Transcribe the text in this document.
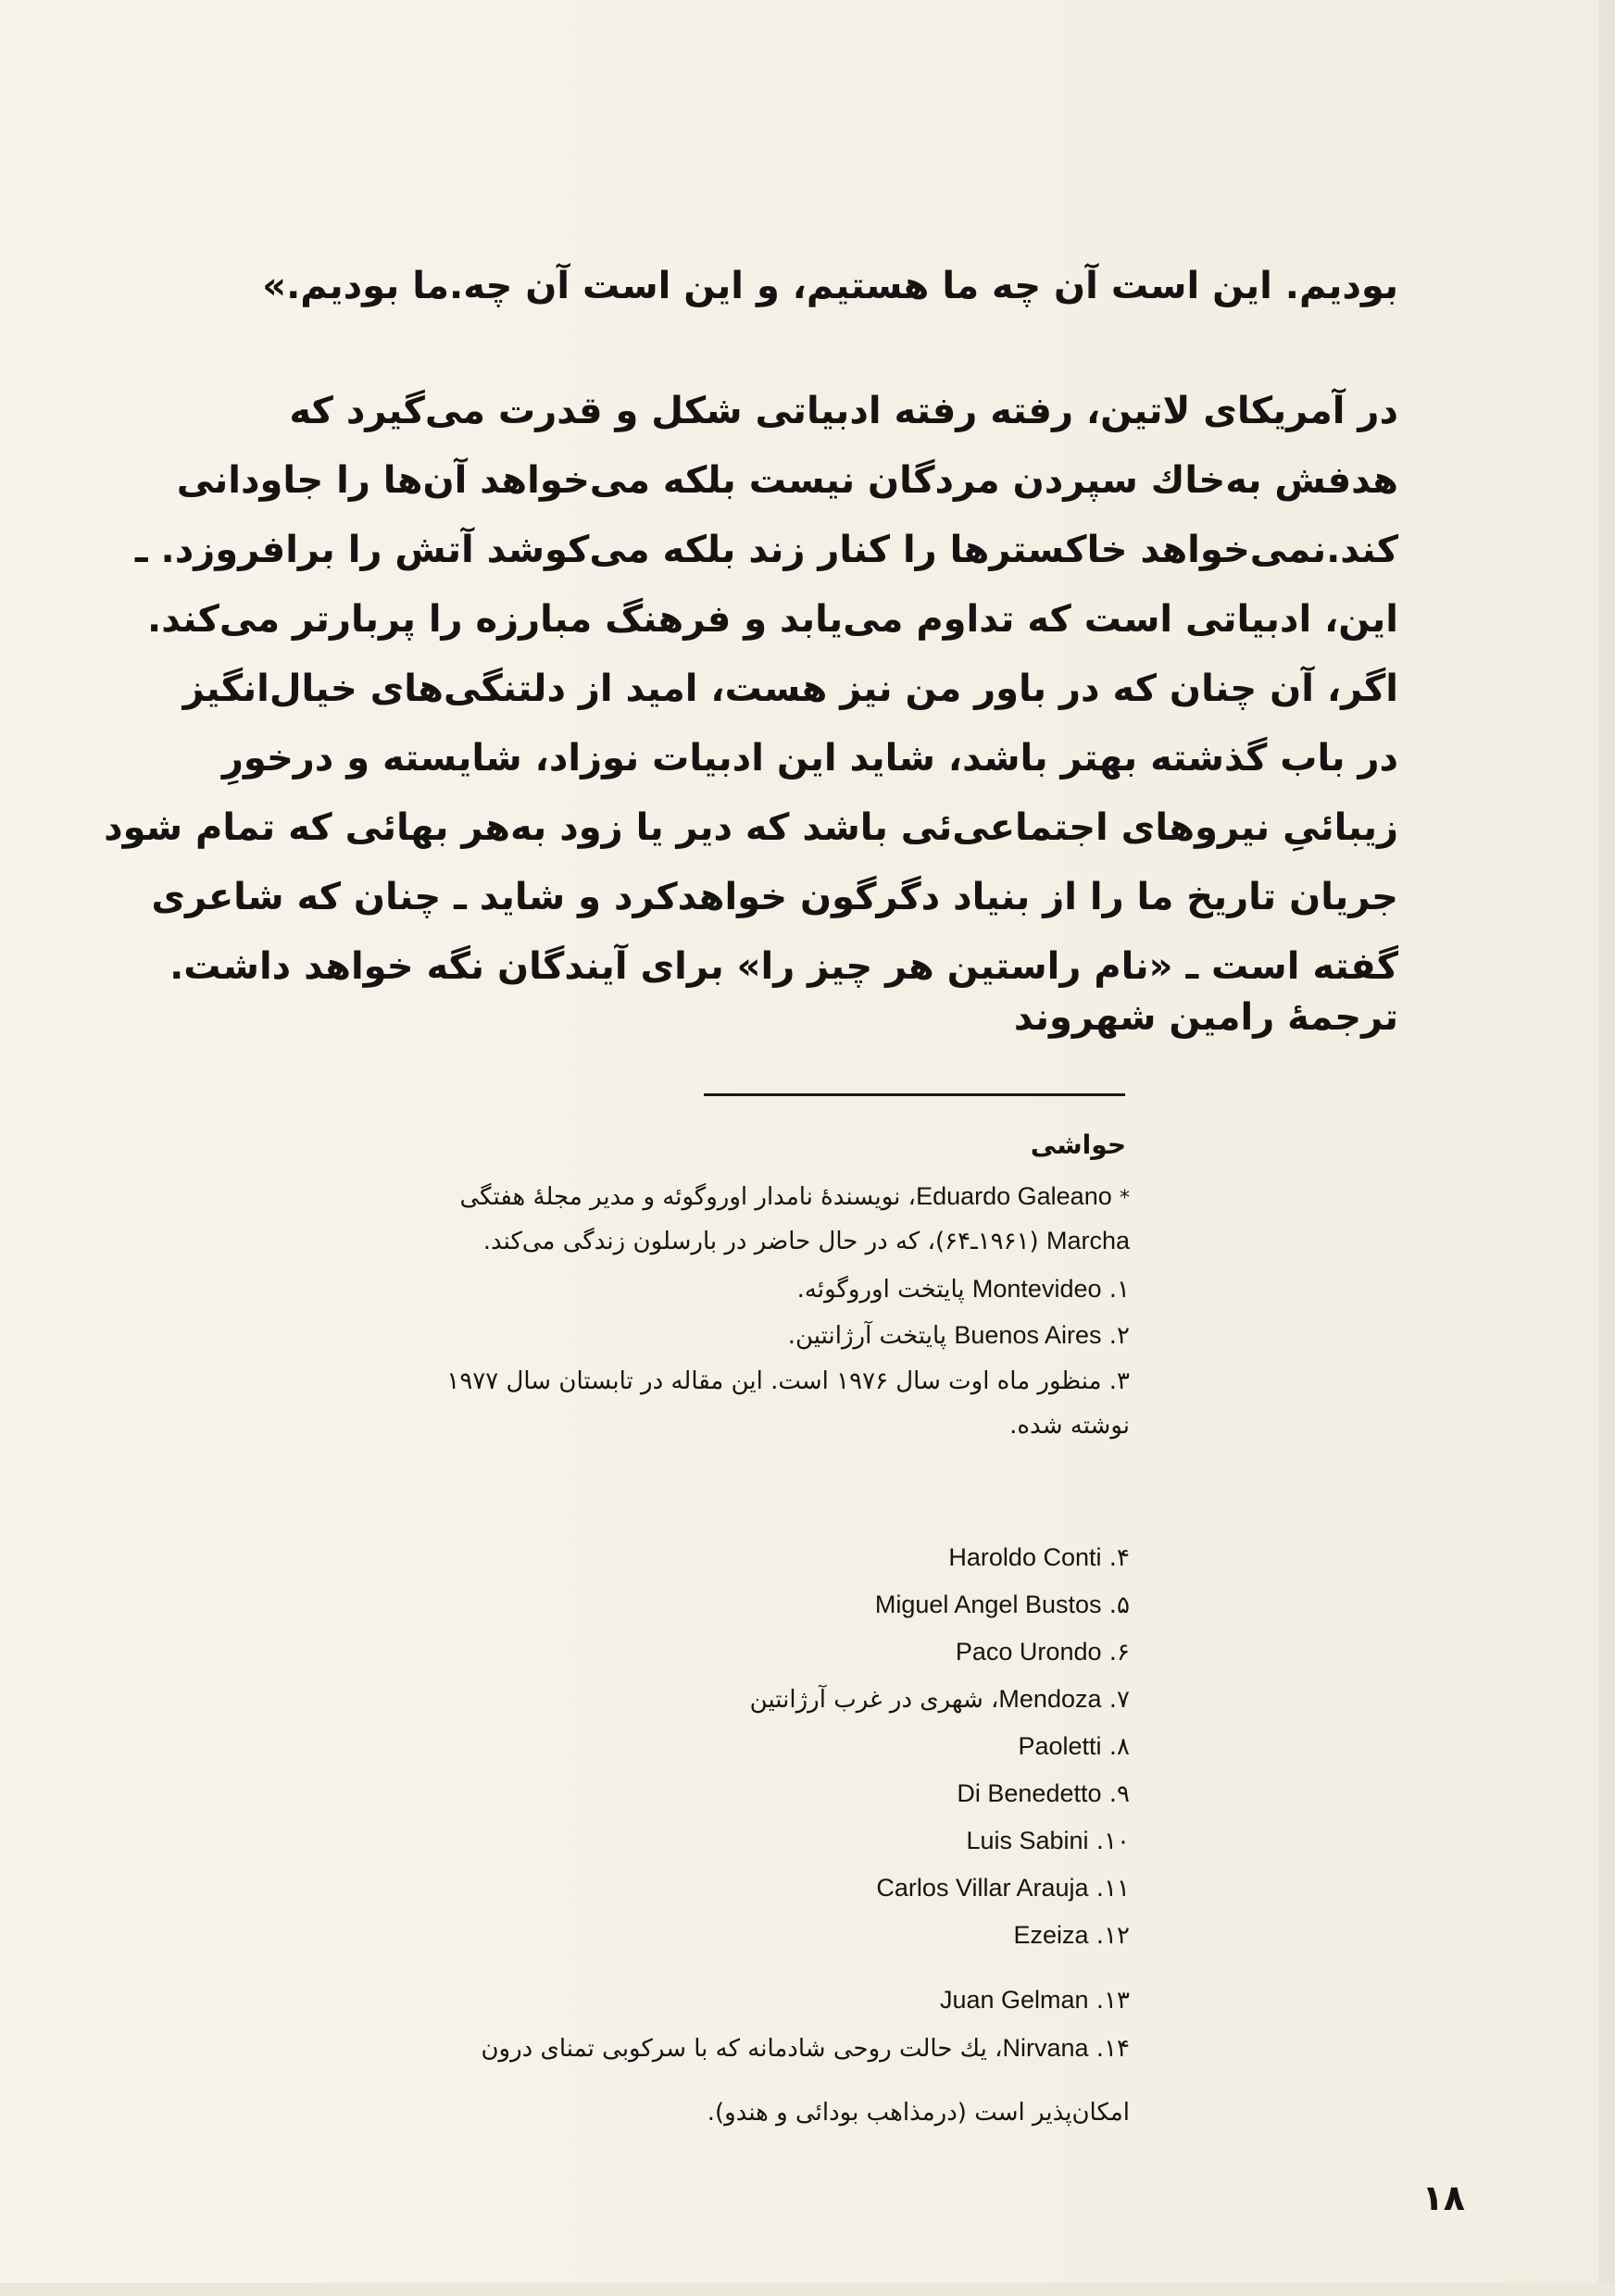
بودیم. این است آن چه ما هستیم، و این است آن چه.ما بودیم.»
در آمریکای لاتین، رفته رفته ادبیاتی شکل و قدرت می‌گیرد که
هدفش به‌خاك سپردن مردگان نیست بلکه می‌خواهد آن‌ها را جاودانی
کند.نمی‌خواهد خاکسترها را کنار زند بلکه می‌کوشد آتش را برافروزد. ـ
این، ادبیاتی است که تداوم می‌یابد و فرهنگ مبارزه را پربارتر می‌کند.
اگر، آن چنان که در باور من نیز هست، امید از دلتنگی‌های خیال‌انگیز
در باب گذشته بهتر باشد، شاید این ادبیات نوزاد، شایسته و درخورِ
زیبائیِ نیروهای اجتماعی‌ئی باشد که دیر یا زود به‌هر بهائی که تمام شود
جریان تاریخ ما را از بنیاد دگرگون خواهدکرد و شاید ـ چنان که شاعری
گفته است ـ «نام راستین هر چیز را» برای آیندگان نگه خواهد داشت.
ترجمهٔ رامین شهروند
حواشی
* Eduardo Galeano، نویسندهٔ نامدار اوروگوئه و مدیر مجلهٔ هفتگی
Marcha (۱۹۶۱ـ۶۴)، که در حال حاضر در بارسلون زندگی می‌کند.
۱. Montevideo پایتخت اوروگوئه.
۲. Buenos Aires پایتخت آرژانتین.
۳. منظور ماه اوت سال ۱۹۷۶ است. این مقاله در تابستان سال ۱۹۷۷
نوشته شده.
۴. Haroldo Conti
۵. Miguel Angel Bustos
۶. Paco Urondo
۷. Mendoza، شهری در غرب آرژانتین
۸. Paoletti
۹. Di Benedetto
۱۰. Luis Sabini
۱۱. Carlos Villar Arauja
۱۲. Ezeiza
۱۳. Juan Gelman
۱۴. Nirvana، یك حالت روحی شادمانه که با سرکوبی تمنای درون
امکان‌پذیر است (درمذاهب بودائی و هندو).
۱۸
